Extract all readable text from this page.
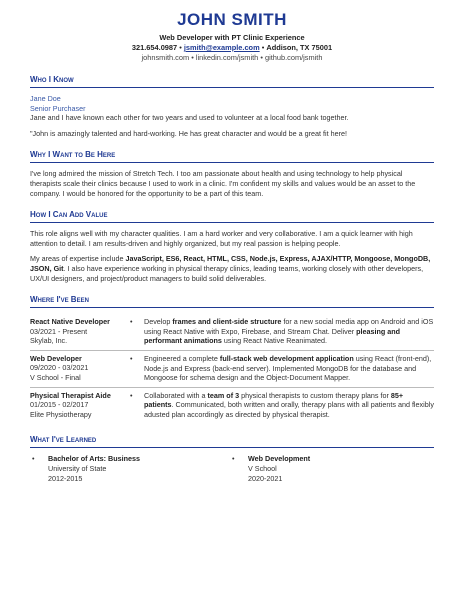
JOHN SMITH
Web Developer with PT Clinic Experience
321.654.0987 • jsmith@example.com • Addison, TX 75001
johnsmith.com • linkedin.com/jsmith • github.com/jsmith
Who I Know
Jane Doe
Senior Purchaser

Jane and I have known each other for two years and used to volunteer at a local food bank together.

"John is amazingly talented and hard-working. He has great character and would be a great fit here!

Why I Want to Be Here

I've long admired the mission of Stretch Tech. I too am passionate about health and using technology to help physical therapists scale their clinics because I used to work in a clinic. I'm confident my skills and values would be an asset to the company. I would be honored for the opportunity to be a part of this team.

How I Can Add Value

This role aligns well with my character qualities. I am a hard worker and very collaborative. I am a quick learner with high attention to detail. I am results-driven and highly organized, but my real passion is helping people.

My areas of expertise include JavaScript, ES6, React, HTML, CSS, Node.js, Express, AJAX/HTTP, Mongoose, MongoDB, JSON, Git. I also have experience working in physical therapy clinics, leading teams, working closely with other developers, UX/UI designers, and project/product managers to build solid deliverables.

Where I've Been
React Native Developer
03/2021 - Present
Skylab, Inc.
•	Develop frames and client-side structure for a new social media app on Android and iOS using React Native with Expo, Firebase, and Stream Chat. Deliver pleasing and performant animations using React Native Reanimated.
Web Developer
09/2020 - 03/2021
V School - Final
•	Engineered a complete full-stack web development application using React (front-end), Node.js and Express (back-end server). Implemented MongoDB for the database and Mongoose for schema design and the Object-Document Mapper.
Physical Therapist Aide
01/2015 - 02/2017
Elite Physiotherapy
•	Collaborated with a team of 3 physical therapists to custom therapy plans for 85+ patients. Communicated, both written and orally, therapy plans with all patients and flexibly adusted plan accordingly as directed by physical therapist.
What I've Learned
•	Bachelor of Arts: Business
University of State
2012-2015
•	Web Development
V School
2020-2021
